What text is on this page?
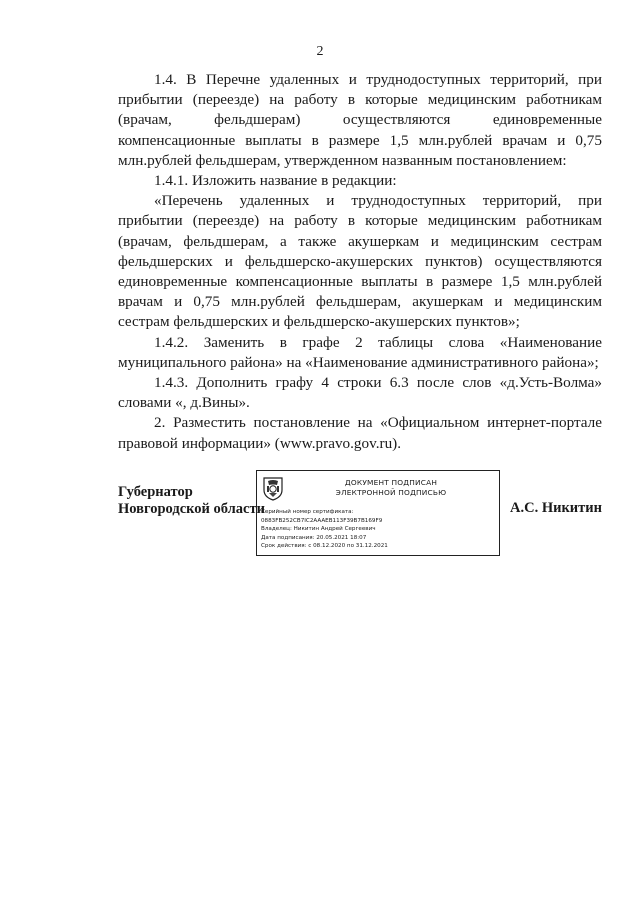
2

1.4. В Перечне удаленных и труднодоступных территорий, при прибытии (переезде) на работу в которые медицинским работникам (врачам, фельдшерам) осуществляются единовременные компенсационные выплаты в размере 1,5 млн.рублей врачам и 0,75 млн.рублей фельдшерам, утвержденном названным постановлением:

1.4.1. Изложить название в редакции:

«Перечень удаленных и труднодоступных территорий, при прибытии (переезде) на работу в которые медицинским работникам (врачам, фельдшерам, а также акушеркам и медицинским сестрам фельдшерских и фельдшерско-акушерских пунктов) осуществляются единовременные компенсационные выплаты в размере 1,5 млн.рублей врачам и 0,75 млн.рублей фельдшерам, акушеркам и медицинским сестрам фельдшерских и фельдшерско-акушерских пунктов»;

1.4.2. Заменить в графе 2 таблицы слова «Наименование муниципального района» на «Наименование административного района»;

1.4.3. Дополнить графу 4 строки 6.3 после слов «д.Усть-Волма» словами «, д.Вины».

2. Разместить постановление на «Официальном интернет-портале правовой информации» (www.pravo.gov.ru).

Губернатор
Новгородской области
ДОКУМЕНТ ПОДПИСАН
ЭЛЕКТРОННОЙ ПОДПИСЬЮ
Серийный номер сертификата:
0883FB252CB7IC2AAAEB113F39B7B169F9
Владелец: Никитин Андрей Сергеевич
Дата подписания: 20.05.2021 18:07
Срок действия: с 08.12.2020 по 31.12.2021
А.С. Никитин
